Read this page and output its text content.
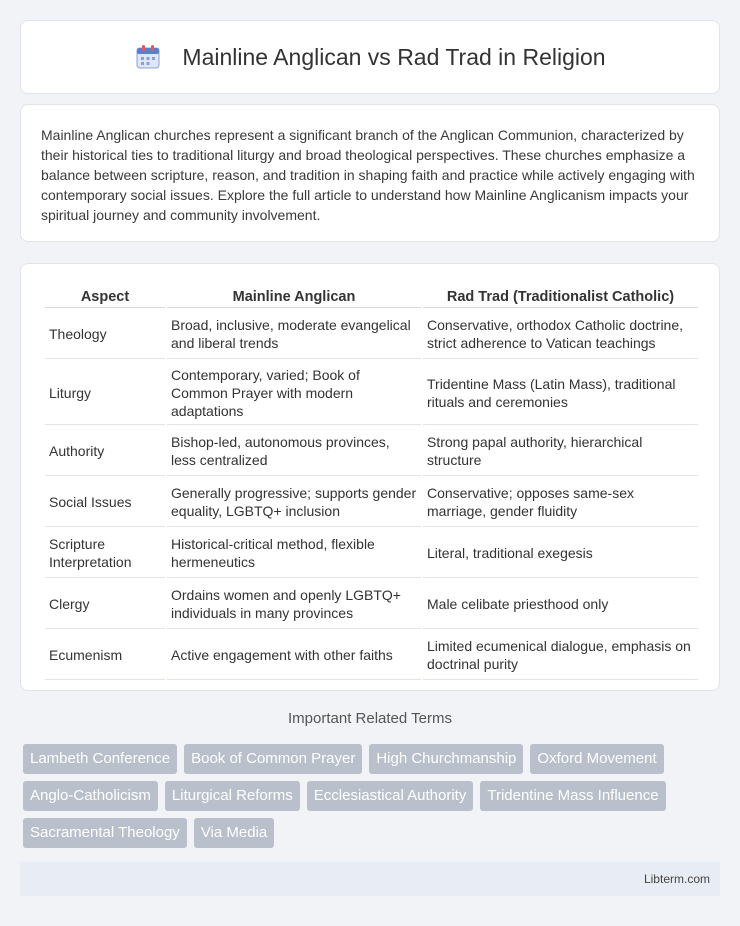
Mainline Anglican vs Rad Trad in Religion

Mainline Anglican churches represent a significant branch of the Anglican Communion, characterized by their historical ties to traditional liturgy and broad theological perspectives. These churches emphasize a balance between scripture, reason, and tradition in shaping faith and practice while actively engaging with contemporary social issues. Explore the full article to understand how Mainline Anglicanism impacts your spiritual journey and community involvement.

Aspect	Mainline Anglican	Rad Trad (Traditionalist Catholic)
Theology	Broad, inclusive, moderate evangelical and liberal trends	Conservative, orthodox Catholic doctrine, strict adherence to Vatican teachings
Liturgy	Contemporary, varied; Book of Common Prayer with modern adaptations	Tridentine Mass (Latin Mass), traditional rituals and ceremonies
Authority	Bishop-led, autonomous provinces, less centralized	Strong papal authority, hierarchical structure
Social Issues	Generally progressive; supports gender equality, LGBTQ+ inclusion	Conservative; opposes same-sex marriage, gender fluidity
Scripture Interpretation	Historical-critical method, flexible hermeneutics	Literal, traditional exegesis
Clergy	Ordains women and openly LGBTQ+ individuals in many provinces	Male celibate priesthood only
Ecumenism	Active engagement with other faiths	Limited ecumenical dialogue, emphasis on doctrinal purity
Important Related Terms
Lambeth Conference	Book of Common Prayer	High Churchmanship	Oxford Movement
Anglo-Catholicism	Liturgical Reforms	Ecclesiastical Authority	Tridentine Mass Influence
Sacramental Theology	Via Media
Libterm.com
